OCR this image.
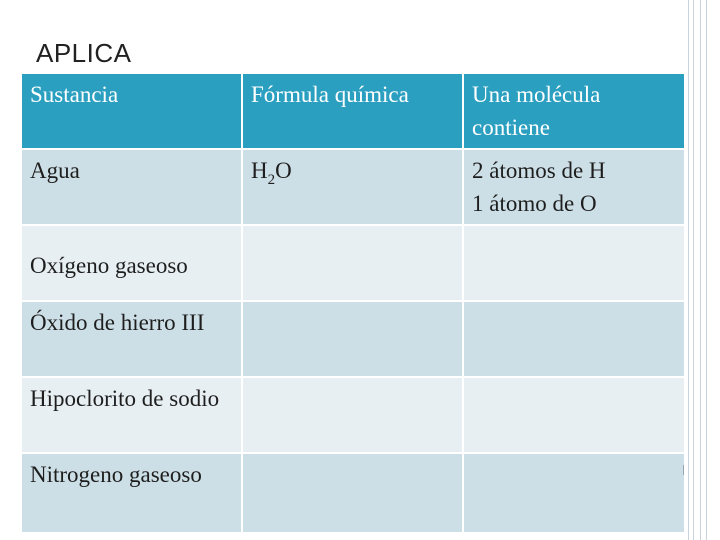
APLICA
Sustancia	Fórmula química	Una molécula contiene
Agua	$H_2O$	2 átomos de H
1 átomo de O

Oxígeno gaseoso		
Óxido de hierro III		
Hipoclorito de sodio		
Nitrogeno gaseoso		
